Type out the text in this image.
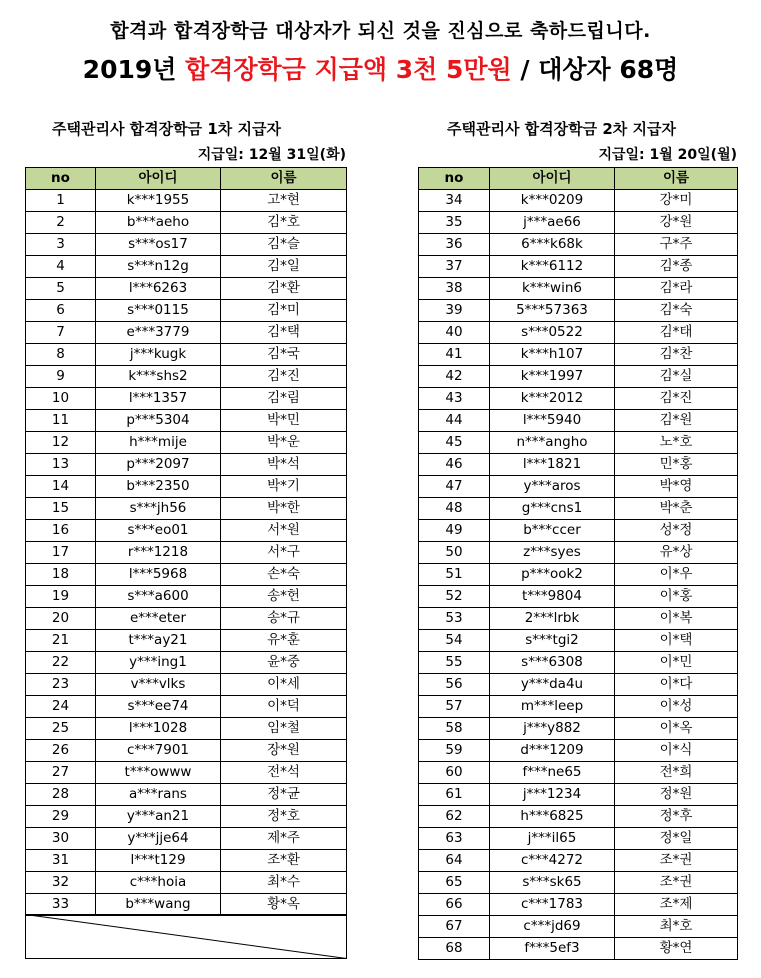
합격과 합격장학금 대상자가 되신 것을 진심으로 축하드립니다.
2019년 합격장학금 지급액 3천 5만원 / 대상자 68명
주택관리사 합격장학금 1차 지급자
지급일: 12월 31일(화)
주택관리사 합격장학금 2차 지급자
지급일: 1월 20일(월)
no	아이디	이름
1	k***1955	고*현
2	b***aeho	김*호
3	s***os17	김*슬
4	s***n12g	김*일
5	l***6263	김*환
6	s***0115	김*미
7	e***3779	김*택
8	j***kugk	김*국
9	k***shs2	김*진
10	l***1357	김*림
11	p***5304	박*민
12	h***mije	박*운
13	p***2097	박*석
14	b***2350	박*기
15	s***jh56	박*한
16	s***eo01	서*원
17	r***1218	서*구
18	l***5968	손*숙
19	s***a600	송*헌
20	e***eter	송*규
21	t***ay21	유*훈
22	y***ing1	윤*중
23	v***vlks	이*세
24	s***ee74	이*덕
25	l***1028	임*철
26	c***7901	장*원
27	t***owww	전*석
28	a***rans	정*균
29	y***an21	정*호
30	y***jje64	제*주
31	l***t129	조*환
32	c***hoia	최*수
33	b***wang	황*옥
no	아이디	이름
34	k***0209	강*미
35	j***ae66	강*원
36	6***k68k	구*주
37	k***6112	김*종
38	k***win6	김*라
39	5***57363	김*숙
40	s***0522	김*태
41	k***h107	김*찬
42	k***1997	김*실
43	k***2012	김*진
44	l***5940	김*원
45	n***angho	노*호
46	l***1821	민*홍
47	y***aros	박*영
48	g***cns1	박*춘
49	b***ccer	성*정
50	z***syes	유*상
51	p***ook2	이*우
52	t***9804	이*홍
53	2***lrbk	이*복
54	s***tgi2	이*택
55	s***6308	이*민
56	y***da4u	이*다
57	m***leep	이*성
58	j***y882	이*옥
59	d***1209	이*식
60	f***ne65	전*희
61	j***1234	정*원
62	h***6825	정*후
63	j***il65	정*일
64	c***4272	조*권
65	s***sk65	조*권
66	c***1783	조*제
67	c***jd69	최*호
68	f***5ef3	황*연
